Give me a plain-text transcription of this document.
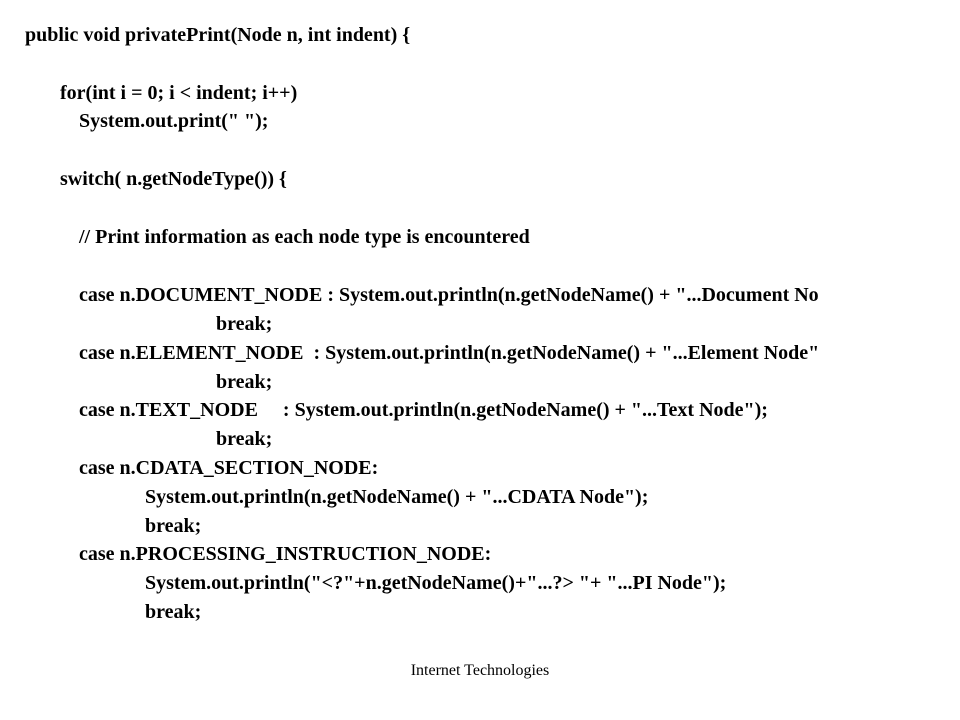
public void privatePrint(Node n, int indent) {
for(int i = 0; i < indent; i++)
System.out.print(" ");
switch( n.getNodeType()) {
// Print information as each node type is encountered
case n.DOCUMENT_NODE : System.out.println(n.getNodeName() + "...Document No
break;
case n.ELEMENT_NODE  : System.out.println(n.getNodeName() + "...Element Node"
break;
case n.TEXT_NODE     : System.out.println(n.getNodeName() + "...Text Node");
break;
case n.CDATA_SECTION_NODE:
System.out.println(n.getNodeName() + "...CDATA Node");
break;
case n.PROCESSING_INSTRUCTION_NODE:
System.out.println("<?"+n.getNodeName()+"...?> "+ "...PI Node");
break;
Internet Technologies
